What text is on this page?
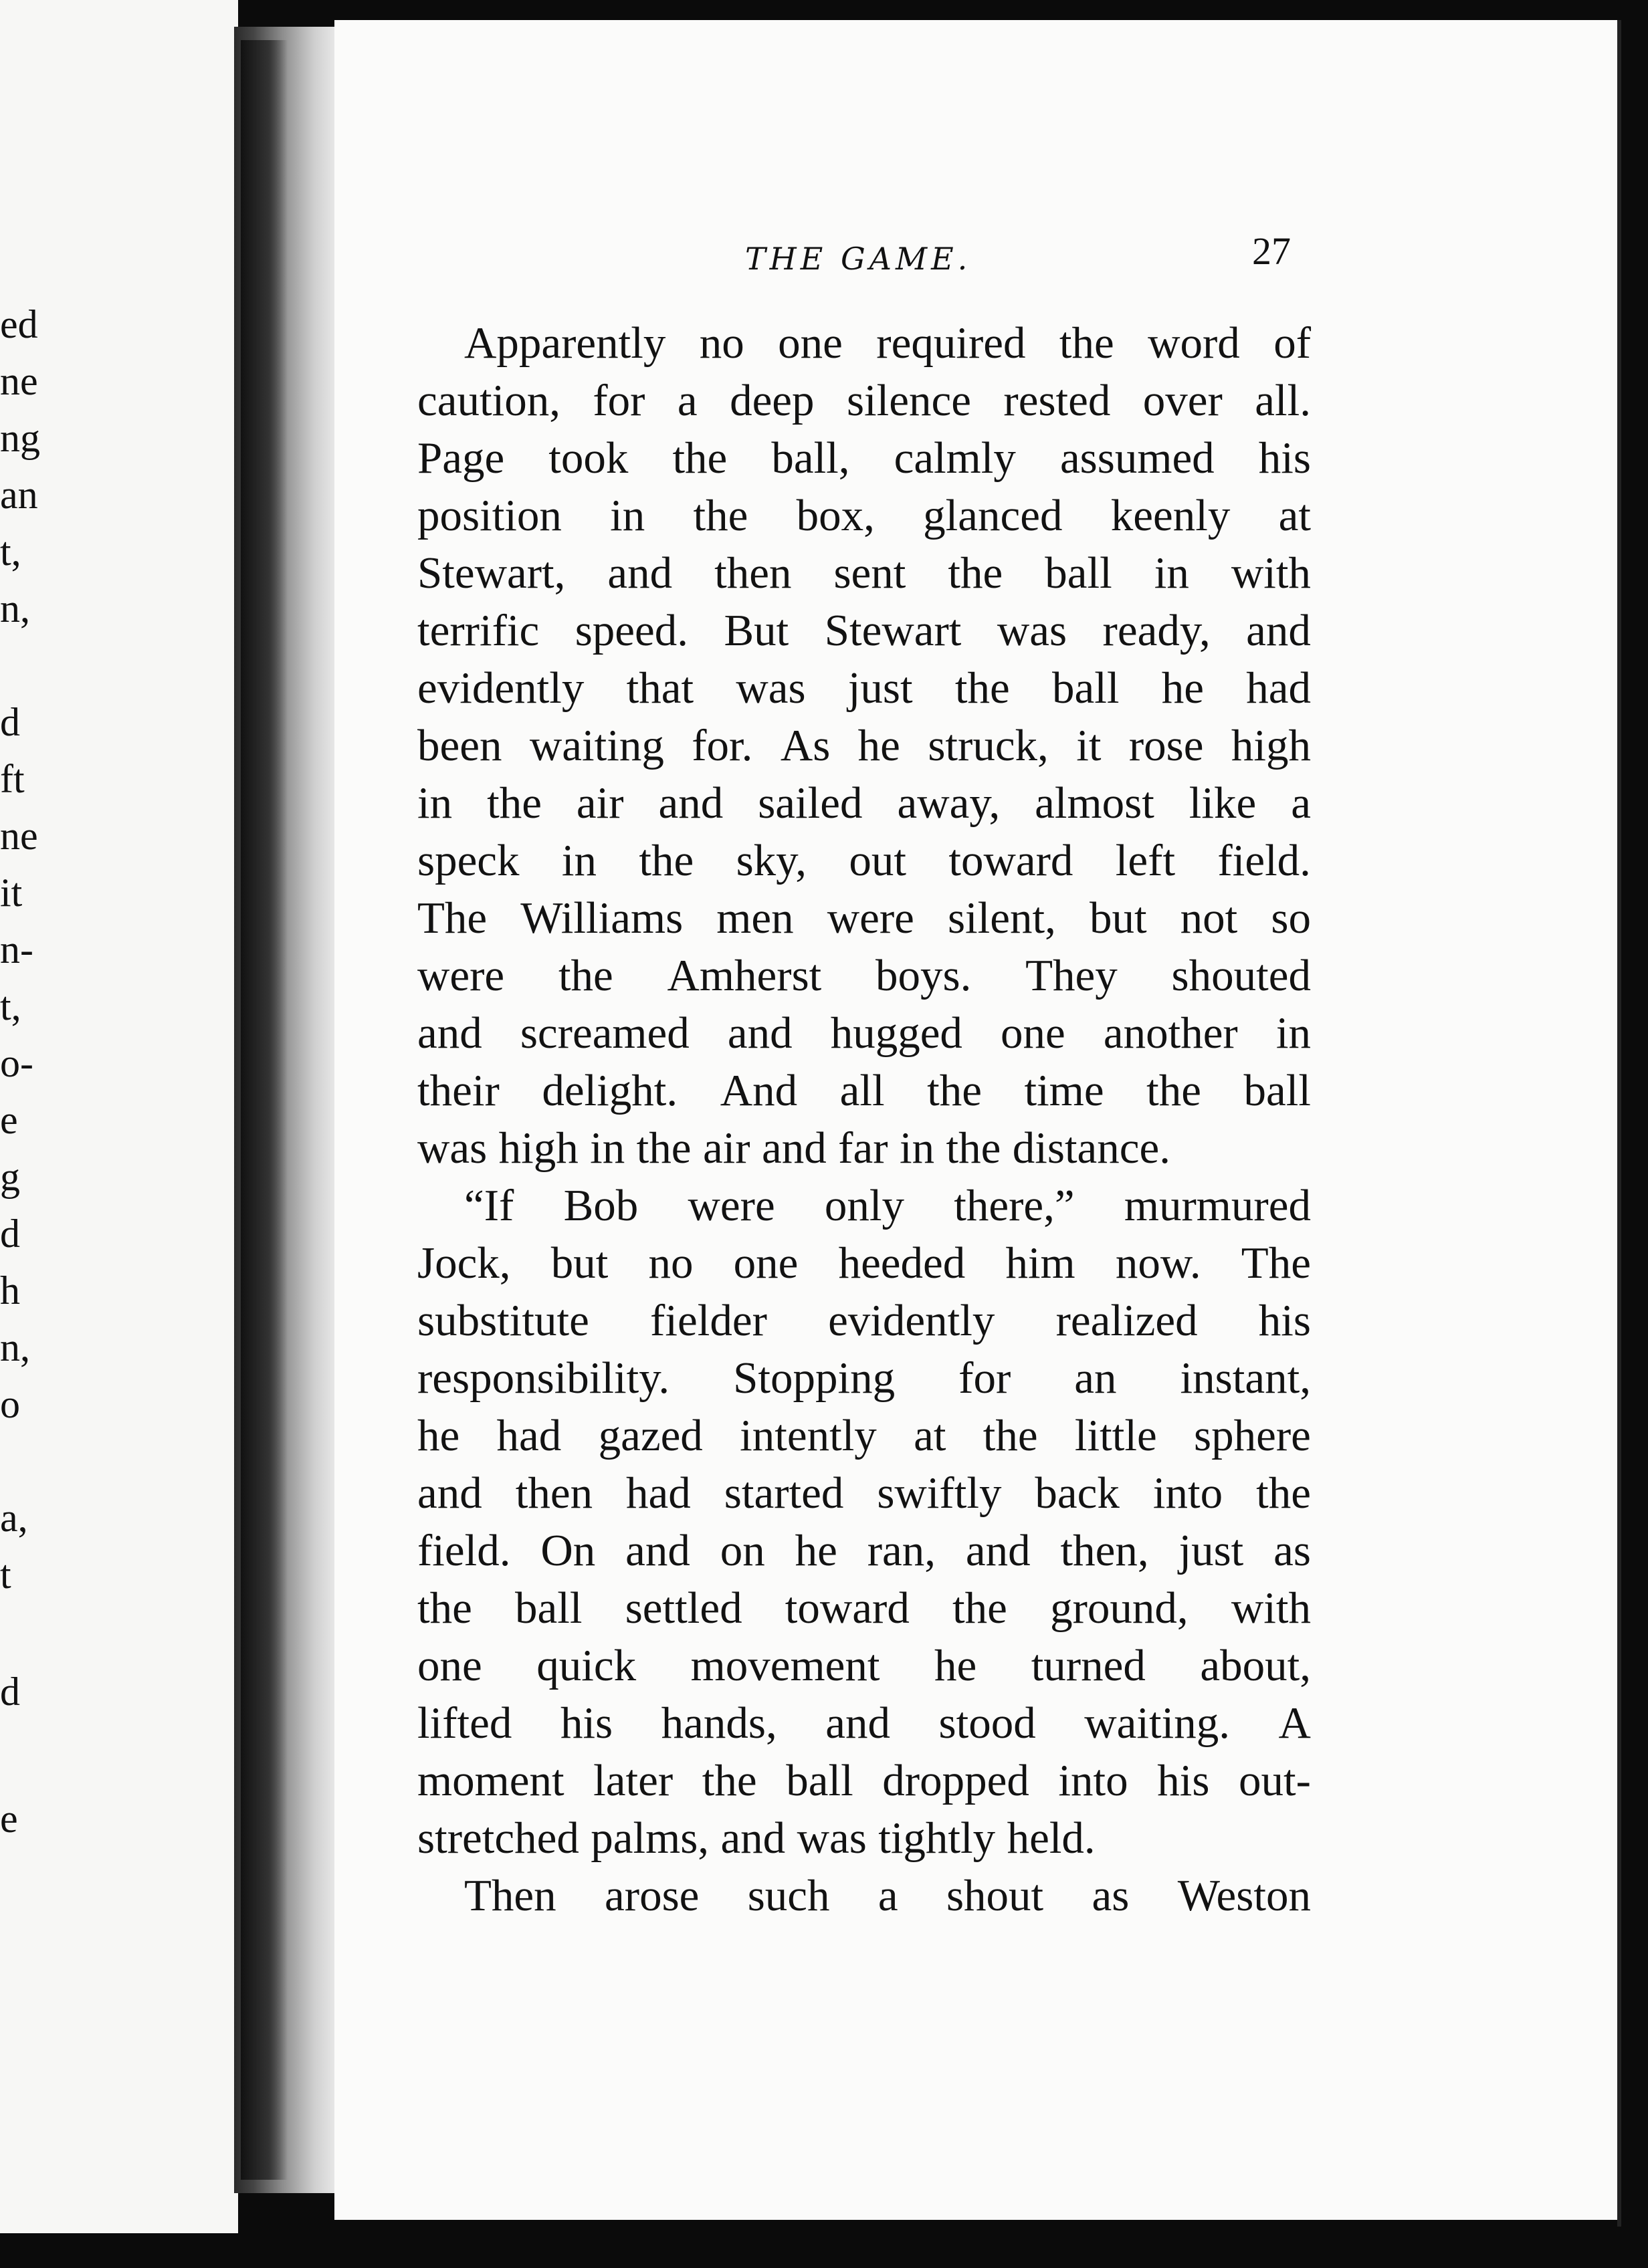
ed
ne
ng
an
t,
n,
d
ft
ne
it
n-
t,
o-
e
g
d
h
n,
o
a,
t
d
e
THE GAME.	27
Apparently no one required the word of
caution, for a deep silence rested over all.
Page took the ball, calmly assumed his
position in the box, glanced keenly at
Stewart, and then sent the ball in with
terrific speed. But Stewart was ready, and
evidently that was just the ball he had
been waiting for. As he struck, it rose high
in the air and sailed away, almost like a
speck in the sky, out toward left field.
The Williams men were silent, but not so
were the Amherst boys. They shouted
and screamed and hugged one another in
their delight. And all the time the ball
was high in the air and far in the distance.
“If Bob were only there,” murmured
Jock, but no one heeded him now. The
substitute fielder evidently realized his
responsibility. Stopping for an instant,
he had gazed intently at the little sphere
and then had started swiftly back into the
field. On and on he ran, and then, just as
the ball settled toward the ground, with
one quick movement he turned about,
lifted his hands, and stood waiting. A
moment later the ball dropped into his out-
stretched palms, and was tightly held.
Then arose such a shout as Weston
